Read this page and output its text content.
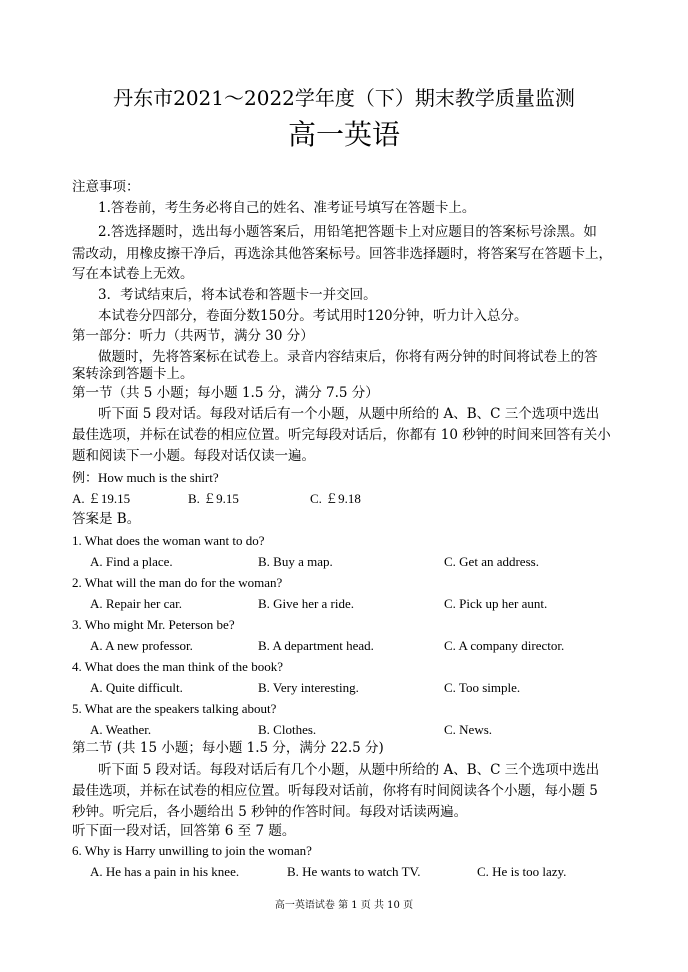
丹东市2021～2022学年度（下）期末教学质量监测
高一英语
注意事项：
1.答卷前，考生务必将自己的姓名、准考证号填写在答题卡上。
2.答选择题时，选出每小题答案后，用铅笔把答题卡上对应题目的答案标号涂黑。如
需改动，用橡皮擦干净后，再选涂其他答案标号。回答非选择题时，将答案写在答题卡上，
写在本试卷上无效。
3．考试结束后，将本试卷和答题卡一并交回。
本试卷分四部分，卷面分数150分。考试用时120分钟，听力计入总分。
第一部分：听力（共两节，满分 30 分）
做题时，先将答案标在试卷上。录音内容结束后，你将有两分钟的时间将试卷上的答
案转涂到答题卡上。
第一节（共 5 小题；每小题 1.5 分，满分 7.5 分）
听下面 5 段对话。每段对话后有一个小题，从题中所给的 A、B、C 三个选项中选出
最佳选项，并标在试卷的相应位置。听完每段对话后，你都有 10 秒钟的时间来回答有关小
题和阅读下一小题。每段对话仅读一遍。
例：How much is the shirt?
A. ￡19.15	B. ￡9.15	C. ￡9.18
答案是 B。
1. What does the woman want to do?
A. Find a place.	B. Buy a map.	C. Get an address.
2. What will the man do for the woman?
A. Repair her car.	B. Give her a ride.	C. Pick up her aunt.
3. Who might Mr. Peterson be?
A. A new professor.	B. A department head.	C. A company director.
4. What does the man think of the book?
A. Quite difficult.	B. Very interesting.	C. Too simple.
5. What are the speakers talking about?
A. Weather.	B. Clothes.	C. News.
第二节 (共 15 小题；每小题 1.5 分，满分 22.5 分)
听下面 5 段对话。每段对话后有几个小题，从题中所给的 A、B、C 三个选项中选出
最佳选项，并标在试卷的相应位置。听每段对话前，你将有时间阅读各个小题，每小题 5
秒钟。听完后，各小题给出 5 秒钟的作答时间。每段对话读两遍。
听下面一段对话，回答第 6 至 7 题。
6. Why is Harry unwilling to join the woman?
A. He has a pain in his knee.	B. He wants to watch TV.	C. He is too lazy.
高一英语试卷 第 1 页 共 10 页
